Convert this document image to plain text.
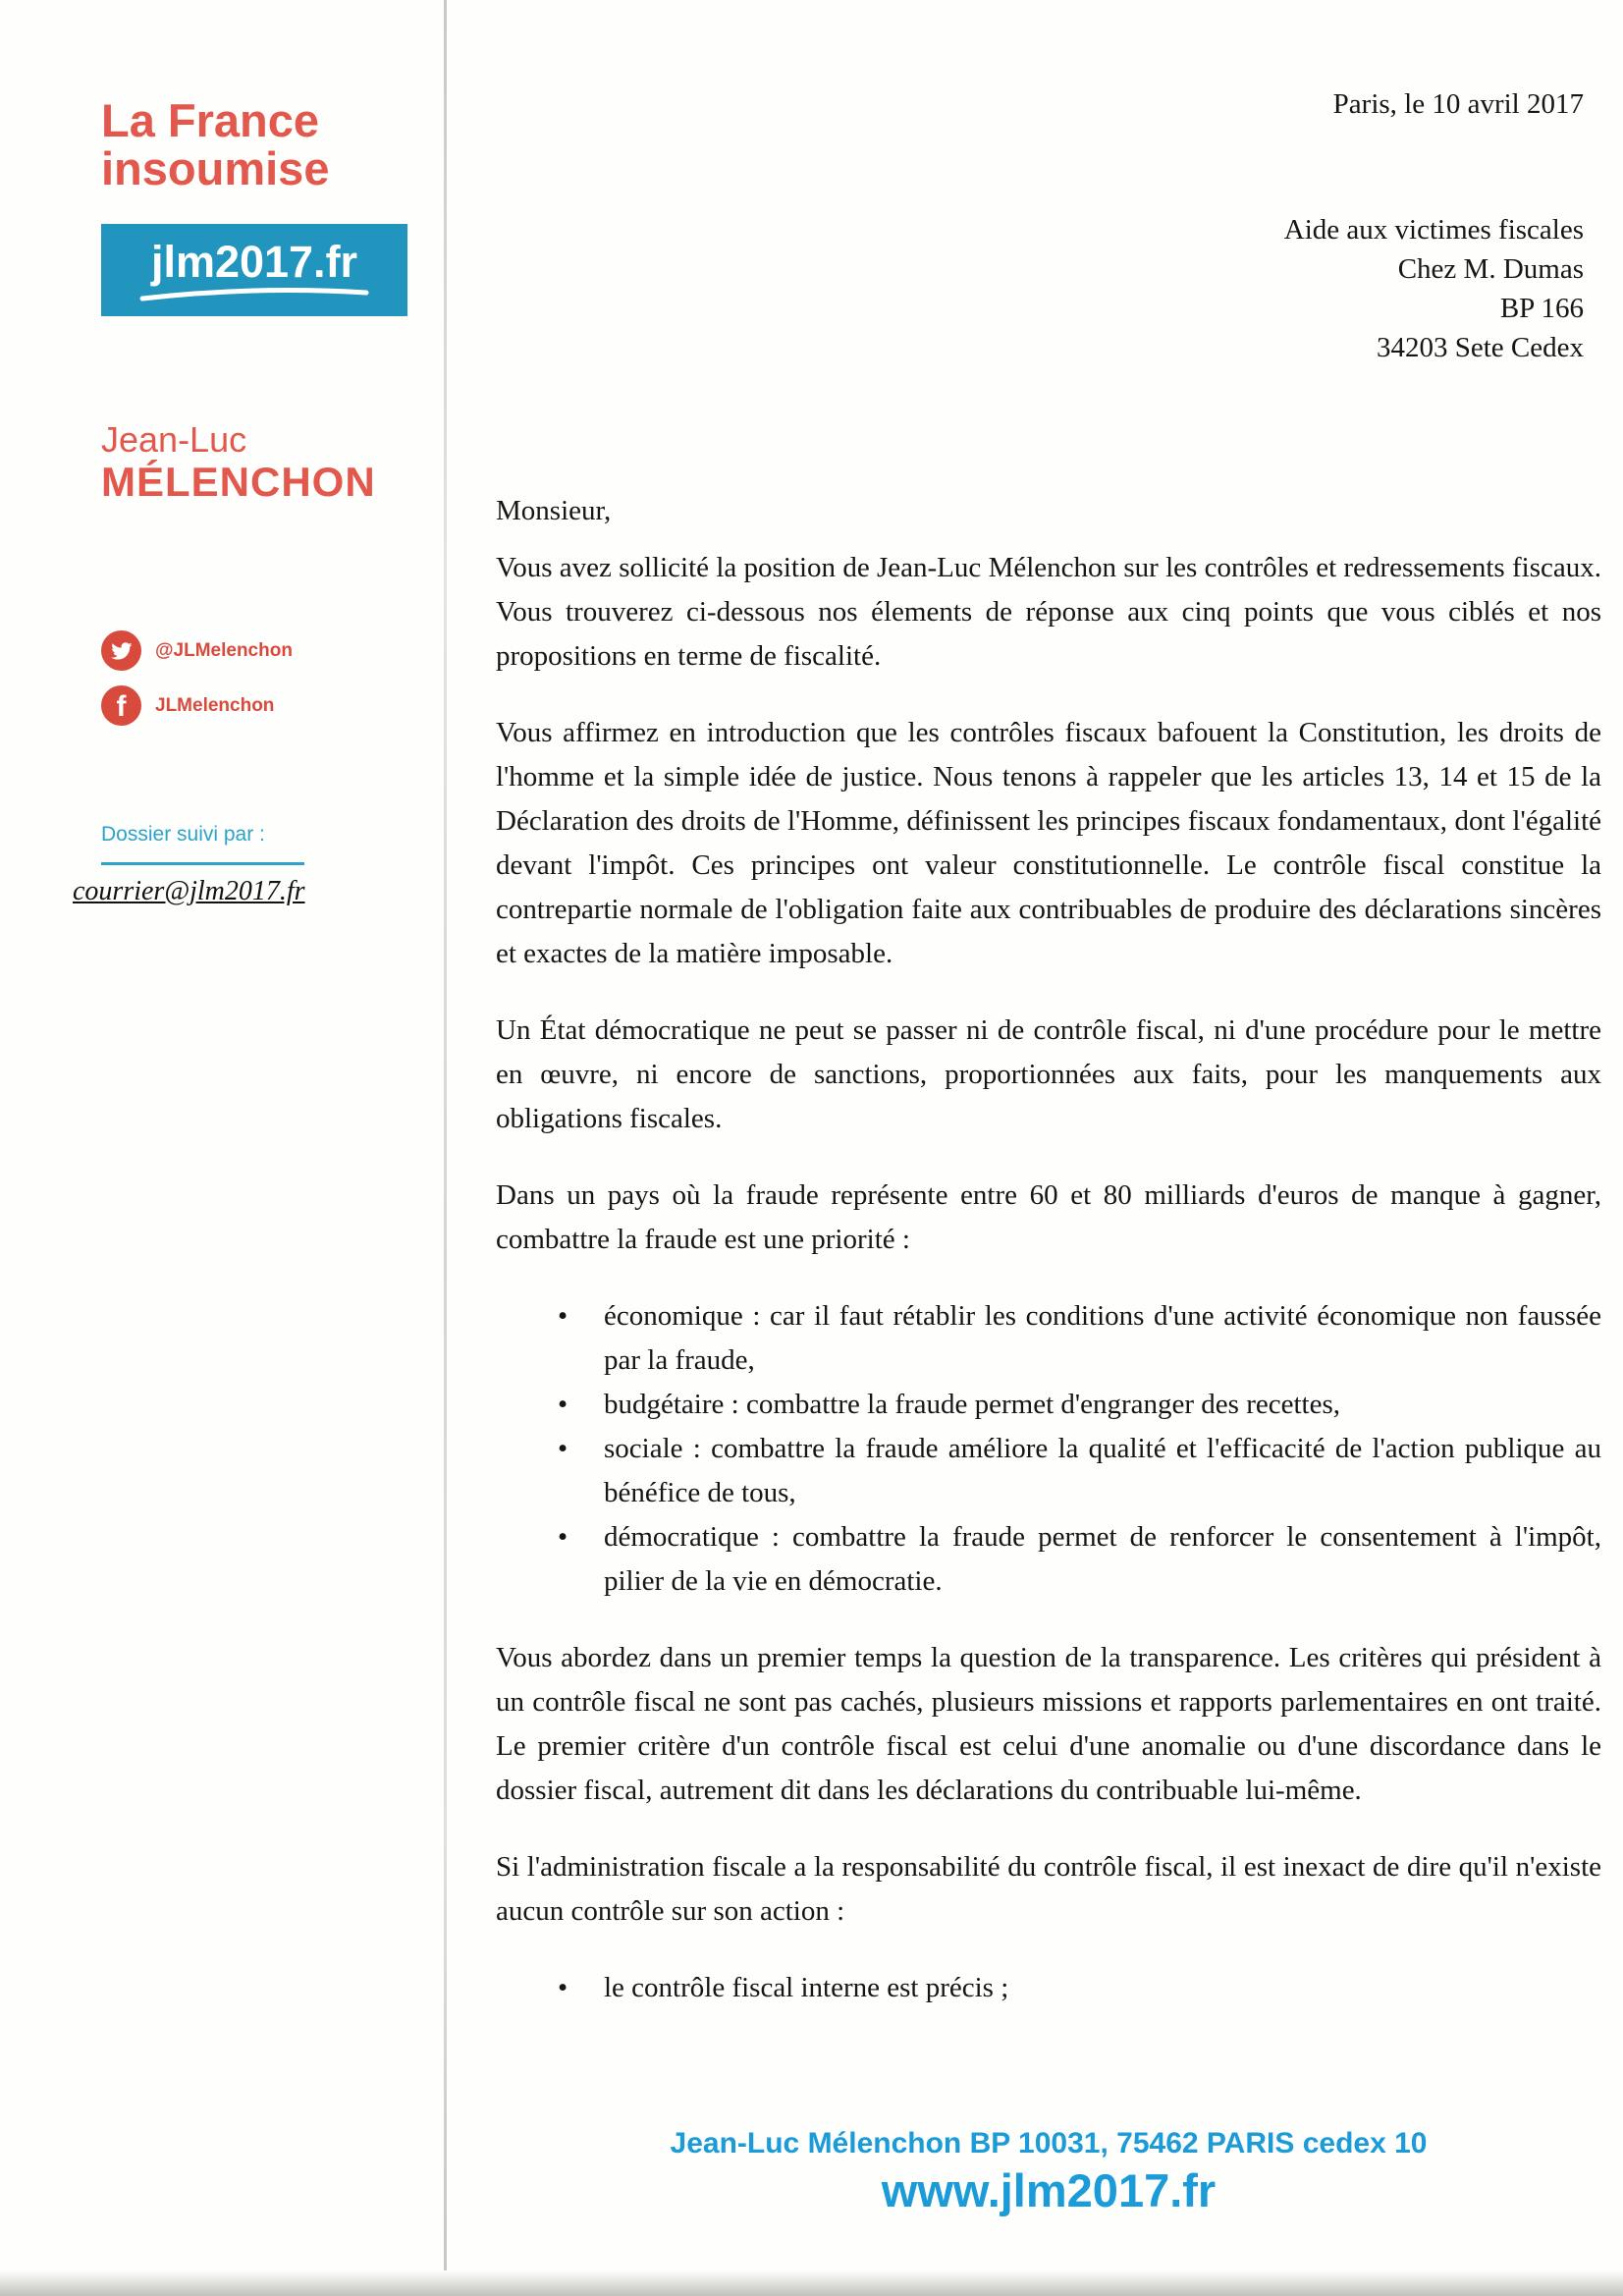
La France
insoumise
jlm2017.fr
Jean-Luc
MÉLENCHON
@JLMelenchon
f JLMelenchon
Dossier suivi par :
courrier@jlm2017.fr
Paris, le 10 avril 2017
Aide aux victimes fiscales
Chez M. Dumas
BP 166
34203 Sete Cedex

Monsieur,

Vous avez sollicité la position de Jean-Luc Mélenchon sur les contrôles et redressements fiscaux. Vous trouverez ci-dessous nos élements de réponse aux cinq points que vous ciblés et nos propositions en terme de fiscalité.

Vous affirmez en introduction que les contrôles fiscaux bafouent la Constitution, les droits de l'homme et la simple idée de justice. Nous tenons à rappeler que les articles 13, 14 et 15 de la Déclaration des droits de l'Homme, définissent les principes fiscaux fondamentaux, dont l'égalité devant l'impôt. Ces principes ont valeur constitutionnelle. Le contrôle fiscal constitue la contrepartie normale de l'obligation faite aux contribuables de produire des déclarations sincères et exactes de la matière imposable.

Un État démocratique ne peut se passer ni de contrôle fiscal, ni d'une procédure pour le mettre en œuvre, ni encore de sanctions, proportionnées aux faits, pour les manquements aux obligations fiscales.

Dans un pays où la fraude représente entre 60 et 80 milliards d'euros de manque à gagner, combattre la fraude est une priorité :

• économique : car il faut rétablir les conditions d'une activité économique non faussée par la fraude,
• budgétaire : combattre la fraude permet d'engranger des recettes,
• sociale : combattre la fraude améliore la qualité et l'efficacité de l'action publique au bénéfice de tous,
• démocratique : combattre la fraude permet de renforcer le consentement à l'impôt, pilier de la vie en démocratie.

Vous abordez dans un premier temps la question de la transparence. Les critères qui président à un contrôle fiscal ne sont pas cachés, plusieurs missions et rapports parlementaires en ont traité. Le premier critère d'un contrôle fiscal est celui d'une anomalie ou d'une discordance dans le dossier fiscal, autrement dit dans les déclarations du contribuable lui-même.

Si l'administration fiscale a la responsabilité du contrôle fiscal, il est inexact de dire qu'il n'existe aucun contrôle sur son action :

• le contrôle fiscal interne est précis ;
Jean-Luc Mélenchon BP 10031, 75462 PARIS cedex 10
www.jlm2017.fr
